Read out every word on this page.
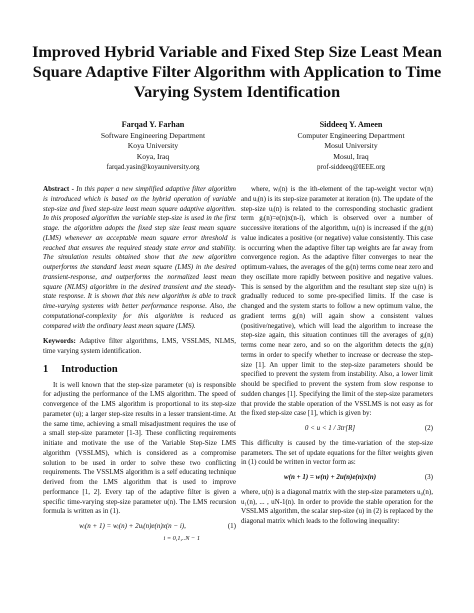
Improved Hybrid Variable and Fixed Step Size Least Mean Square Adaptive Filter Algorithm with Application to Time Varying System Identification
Farqad Y. Farhan
Software Engineering Department
Koya University
Koya, Iraq
farqad.yasin@koyauniversity.org
Siddeeq Y. Ameen
Computer Engineering Department
Mosul University
Mosul, Iraq
prof-siddeeq@IEEE.org

Abstract - In this paper a new simplified adaptive filter algorithm is introduced which is based on the hybrid operation of variable step-size and fixed step-size least mean square adaptive algorithm. In this proposed algorithm the variable step-size is used in the first stage. the algorithm adopts the fixed step size least mean square (LMS) whenever an acceptable mean square error threshold is reached that ensures the required steady state error and stability. The simulation results obtained show that the new algorithm outperforms the standard least mean square (LMS) in the desired transient-response, and outperforms the normalized least mean square (NLMS) algorithm in the desired transient and the steady-state response. It is shown that this new algorithm is able to track time-varying systems with better performance response. Also, the computational-complexity for this algorithm is reduced as compared with the ordinary least mean square (LMS).

Keywords: Adaptive filter algorithms, LMS, VSSLMS, NLMS, time varying system identification.

1 Introduction

It is well known that the step-size parameter (u) is responsible for adjusting the performance of the LMS algorithm. The speed of convergence of the LMS algorithm is proportional to its step-size parameter (u); a larger step-size results in a lesser transient-time. At the same time, achieving a small misadjustment requires the use of a small step-size parameter [1-3]. These conflicting requirements initiate and motivate the use of the Variable Step-Size LMS algorithm (VSSLMS), which is considered as a compromise solution to be used in order to solve these two conflicting requirements. The VSSLMS algorithm is a self educating technique derived from the LMS algorithm that is used to improve performance [1, 2]. Every tap of the adaptive filter is given a specific time-varying step-size parameter u(n). The LMS recursion formula is written as in (1).

wᵢ(n + 1) = wᵢ(n) + 2uᵢ(n)e(n)x(n − i),	(1)
i = 0,1,..N − 1

where, wᵢ(n) is the ith-element of the tap-weight vector w(n) and uᵢ(n) is its step-size parameter at iteration (n). The update of the step-size uᵢ(n) is related to the corresponding stochastic gradient term gᵢ(n)=e(n)x(n-i), which is observed over a number of successive iterations of the algorithm, uᵢ(n) is increased if the gᵢ(n) value indicates a positive (or negative) value consistently. This case is occurring when the adaptive filter tap weights are far away from convergence region. As the adaptive filter converges to near the optimum-values, the averages of the gᵢ(n) terms come near zero and they oscillate more rapidly between positive and negative values. This is sensed by the algorithm and the resultant step size uᵢ(n) is gradually reduced to some pre-specified limits. If the case is changed and the system starts to follow a new optimum value, the gradient terms gᵢ(n) will again show a consistent values (positive/negative), which will lead the algorithm to increase the step-size again, this situation continues till the averages of gᵢ(n) terms come near zero, and so on the algorithm detects the gᵢ(n) terms in order to specify whether to increase or decrease the step-size [1]. An upper limit to the step-size parameters should be specified to prevent the system from instability. Also, a lower limit should be specified to prevent the system from slow response to sudden changes [1]. Specifying the limit of the step-size parameters that provide the stable operation of the VSSLMS is not easy as for the fixed step-size case [1], which is given by:

0 < u < 1 / 3tr[R]	(2)

This difficulty is caused by the time-variation of the step-size parameters. The set of update equations for the filter weights given in (1) could be written in vector form as:

w(n + 1) = w(n) + 2u(n)e(n)x(n)	(3)

where, u(n) is a diagonal matrix with the step-size parameters u₀(n), u₁(n), ... , uN-1(n). In order to provide the stable operation for the VSSLMS algorithm, the scalar step-size (u) in (2) is replaced by the diagonal matrix which leads to the following inequality:
